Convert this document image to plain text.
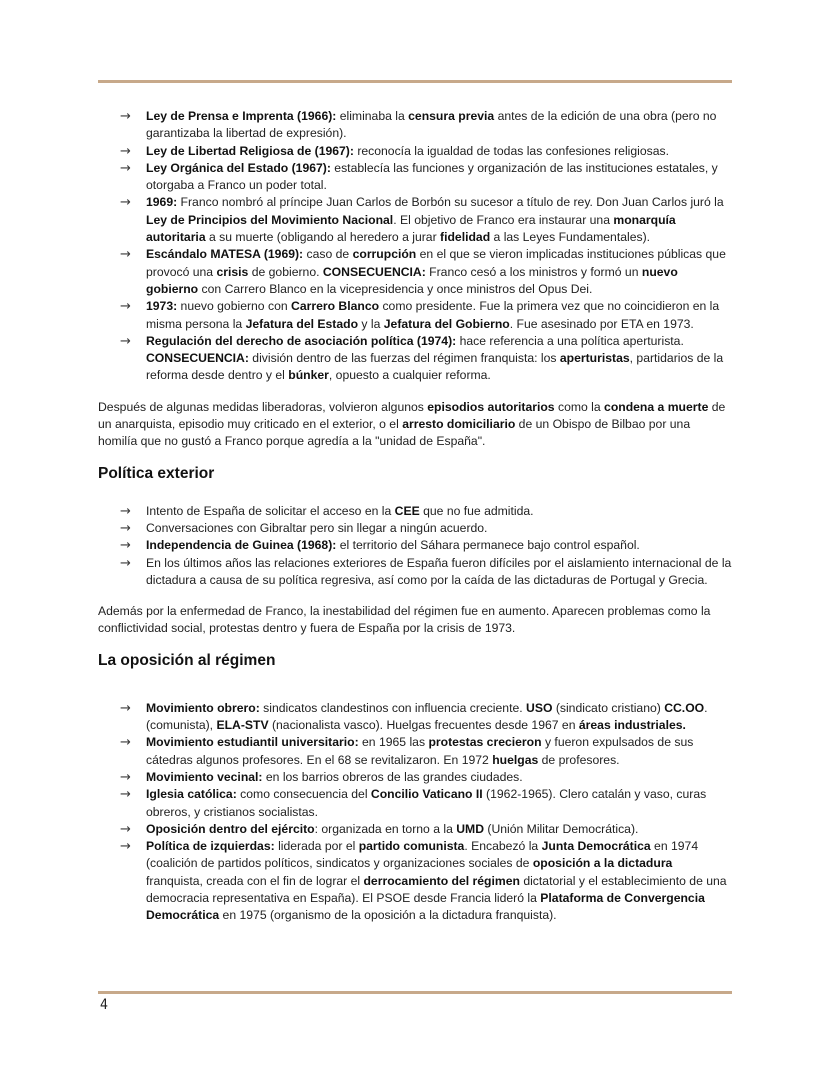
→ Ley de Prensa e Imprenta (1966): eliminaba la censura previa antes de la edición de una obra (pero no garantizaba la libertad de expresión).
→ Ley de Libertad Religiosa de (1967): reconocía la igualdad de todas las confesiones religiosas.
→ Ley Orgánica del Estado (1967): establecía las funciones y organización de las instituciones estatales, y otorgaba a Franco un poder total.
→ 1969: Franco nombró al príncipe Juan Carlos de Borbón su sucesor a título de rey. Don Juan Carlos juró la Ley de Principios del Movimiento Nacional. El objetivo de Franco era instaurar una monarquía autoritaria a su muerte (obligando al heredero a jurar fidelidad a las Leyes Fundamentales).
→ Escándalo MATESA (1969): caso de corrupción en el que se vieron implicadas instituciones públicas que provocó una crisis de gobierno. CONSECUENCIA: Franco cesó a los ministros y formó un nuevo gobierno con Carrero Blanco en la vicepresidencia y once ministros del Opus Dei.
→ 1973: nuevo gobierno con Carrero Blanco como presidente. Fue la primera vez que no coincidieron en la misma persona la Jefatura del Estado y la Jefatura del Gobierno. Fue asesinado por ETA en 1973.
→ Regulación del derecho de asociación política (1974): hace referencia a una política aperturista. CONSECUENCIA: división dentro de las fuerzas del régimen franquista: los aperturistas, partidarios de la reforma desde dentro y el búnker, opuesto a cualquier reforma.

Después de algunas medidas liberadoras, volvieron algunos episodios autoritarios como la condena a muerte de un anarquista, episodio muy criticado en el exterior, o el arresto domiciliario de un Obispo de Bilbao por una homilía que no gustó a Franco porque agredía a la "unidad de España".

Política exterior
→ Intento de España de solicitar el acceso en la CEE que no fue admitida.
→ Conversaciones con Gibraltar pero sin llegar a ningún acuerdo.
→ Independencia de Guinea (1968): el territorio del Sáhara permanece bajo control español.
→ En los últimos años las relaciones exteriores de España fueron difíciles por el aislamiento internacional de la dictadura a causa de su política regresiva, así como por la caída de las dictaduras de Portugal y Grecia.

Además por la enfermedad de Franco, la inestabilidad del régimen fue en aumento. Aparecen problemas como la conflictividad social, protestas dentro y fuera de España por la crisis de 1973.

La oposición al régimen
→ Movimiento obrero: sindicatos clandestinos con influencia creciente. USO (sindicato cristiano) CC.OO. (comunista), ELA-STV (nacionalista vasco). Huelgas frecuentes desde 1967 en áreas industriales.
→ Movimiento estudiantil universitario: en 1965 las protestas crecieron y fueron expulsados de sus cátedras algunos profesores. En el 68 se revitalizaron. En 1972 huelgas de profesores.
→ Movimiento vecinal: en los barrios obreros de las grandes ciudades.
→ Iglesia católica: como consecuencia del Concilio Vaticano II (1962-1965). Clero catalán y vaso, curas obreros, y cristianos socialistas.
→ Oposición dentro del ejército: organizada en torno a la UMD (Unión Militar Democrática).
→ Política de izquierdas: liderada por el partido comunista. Encabezó la Junta Democrática en 1974 (coalición de partidos políticos, sindicatos y organizaciones sociales de oposición a la dictadura franquista, creada con el fin de lograr el derrocamiento del régimen dictatorial y el establecimiento de una democracia representativa en España). El PSOE desde Francia lideró la Plataforma de Convergencia Democrática en 1975 (organismo de la oposición a la dictadura franquista).
4
